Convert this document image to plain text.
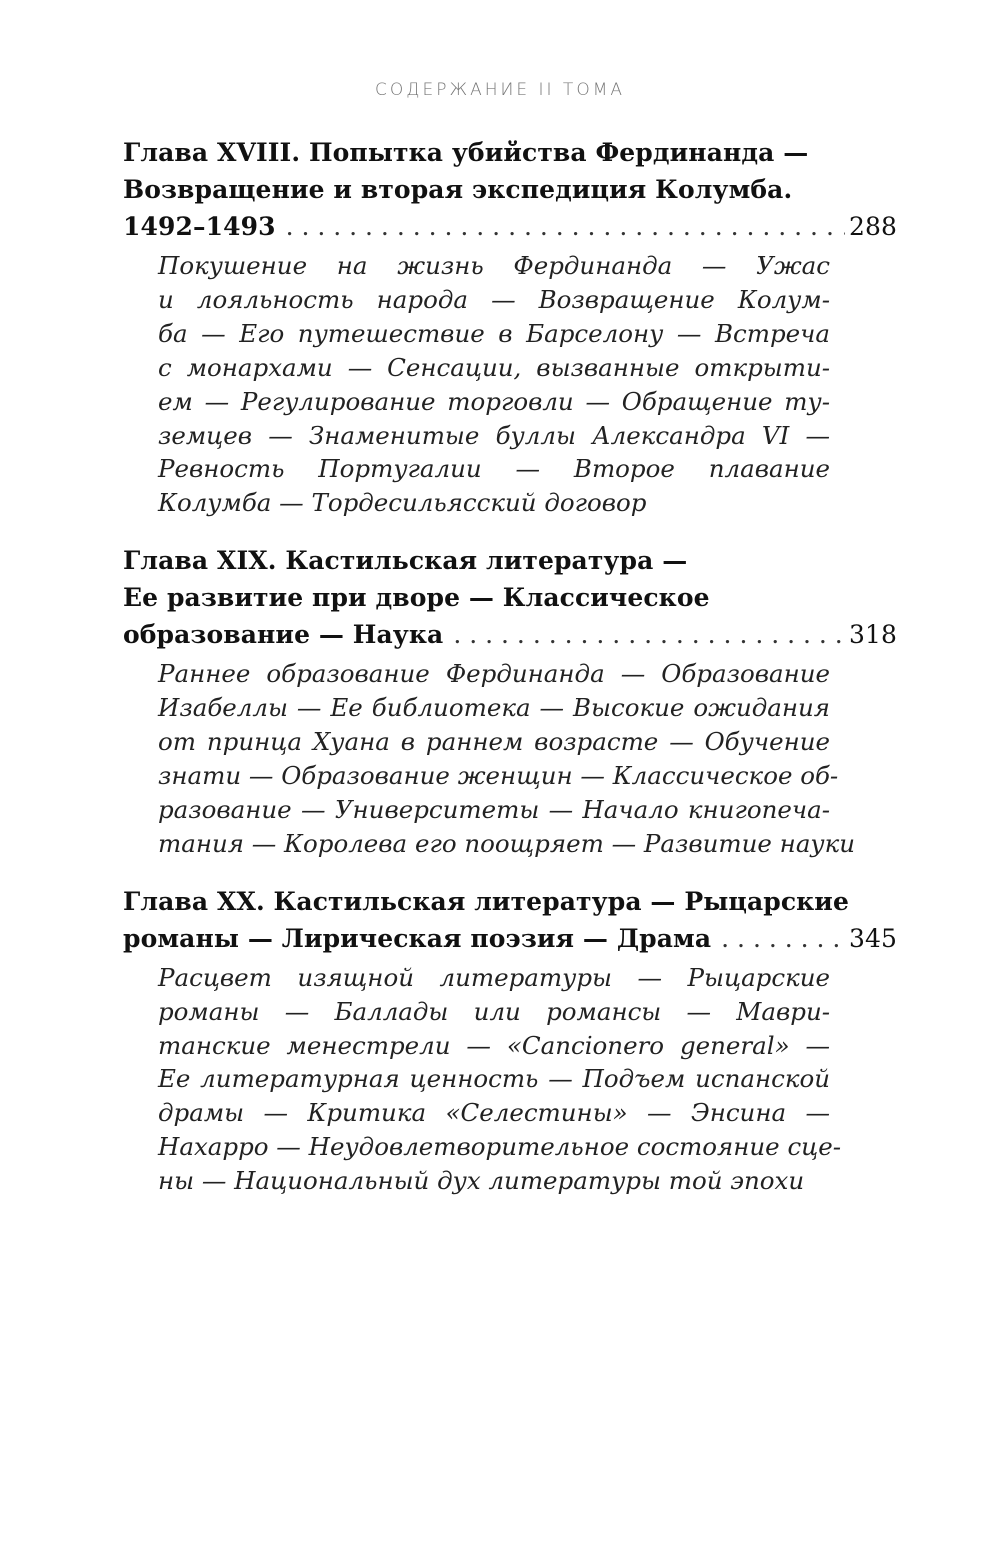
СОДЕРЖАНИЕ II ТОМА
Глава XVIII. Попытка убийства Фердинанда —
Возвращение и вторая экспедиция Колумба.
1492–1493 . . .	288
Покушение на жизнь Фердинанда — Ужас
и лояльность народа — Возвращение Колум-
ба — Его путешествие в Барселону — Встреча
с монархами — Сенсации, вызванные открыти-
ем — Регулирование торговли — Обращение ту-
земцев — Знаменитые буллы Александра VI —
Ревность Португалии — Второе плавание
Колумба — Тордесильясский договор
Глава XIX. Кастильская литература —
Ее развитие при дворе — Классическое
образование — Наука . . .	318
Раннее образование Фердинанда — Образование
Изабеллы — Ее библиотека — Высокие ожидания
от принца Хуана в раннем возрасте — Обучение
знати — Образование женщин — Классическое об-
разование — Университеты — Начало книгопеча-
тания — Королева его поощряет — Развитие науки
Глава XX. Кастильская литература — Рыцарские
романы — Лирическая поэзия — Драма . . .	345
Расцвет изящной литературы — Рыцарские
романы — Баллады или романсы — Маври-
танские менестрели — «Cancionero general» —
Ее литературная ценность — Подъем испанской
драмы — Критика «Селестины» — Энсина —
Нахарро — Неудовлетворительное состояние сце-
ны — Национальный дух литературы той эпохи
